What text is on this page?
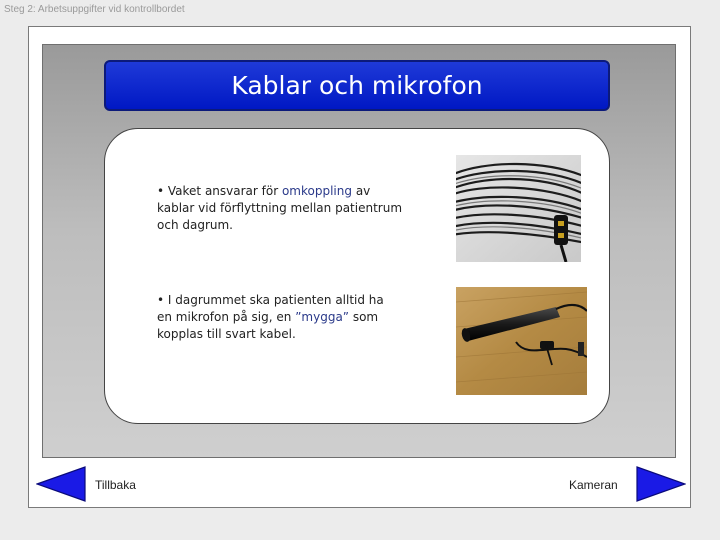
Steg 2: Arbetsuppgifter vid kontrollbordet
Kablar och mikrofon
• Vaket ansvarar för omkoppling av kablar vid förflyttning mellan patientrum och dagrum.
• I dagrummet ska patienten alltid ha en mikrofon på sig, en ”mygga” som kopplas till svart kabel.
Tillbaka	Kameran
